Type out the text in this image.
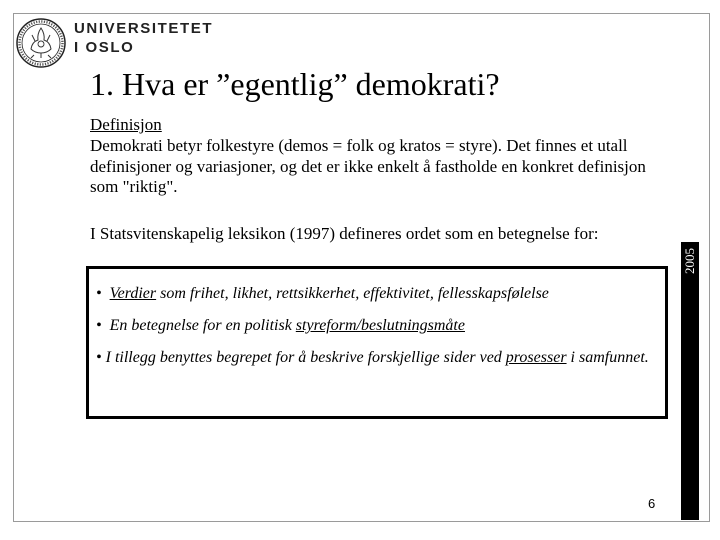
UNIVERSITETET
I OSLO
1. Hva er ”egentlig” demokrati?
Definisjon
Demokrati betyr folkestyre (demos = folk og kratos = styre). Det finnes et utall definisjoner og variasjoner, og det er ikke enkelt å fastholde en konkret definisjon som "riktig".
I Statsvitenskapelig leksikon (1997) defineres ordet som en betegnelse for:
2005
• Verdier som frihet, likhet, rettsikkerhet, effektivitet, fellesskapsfølelse
• En betegnelse for en politisk styreform/beslutningsmåte
• I tillegg benyttes begrepet for å beskrive forskjellige sider ved prosesser i samfunnet.
6
